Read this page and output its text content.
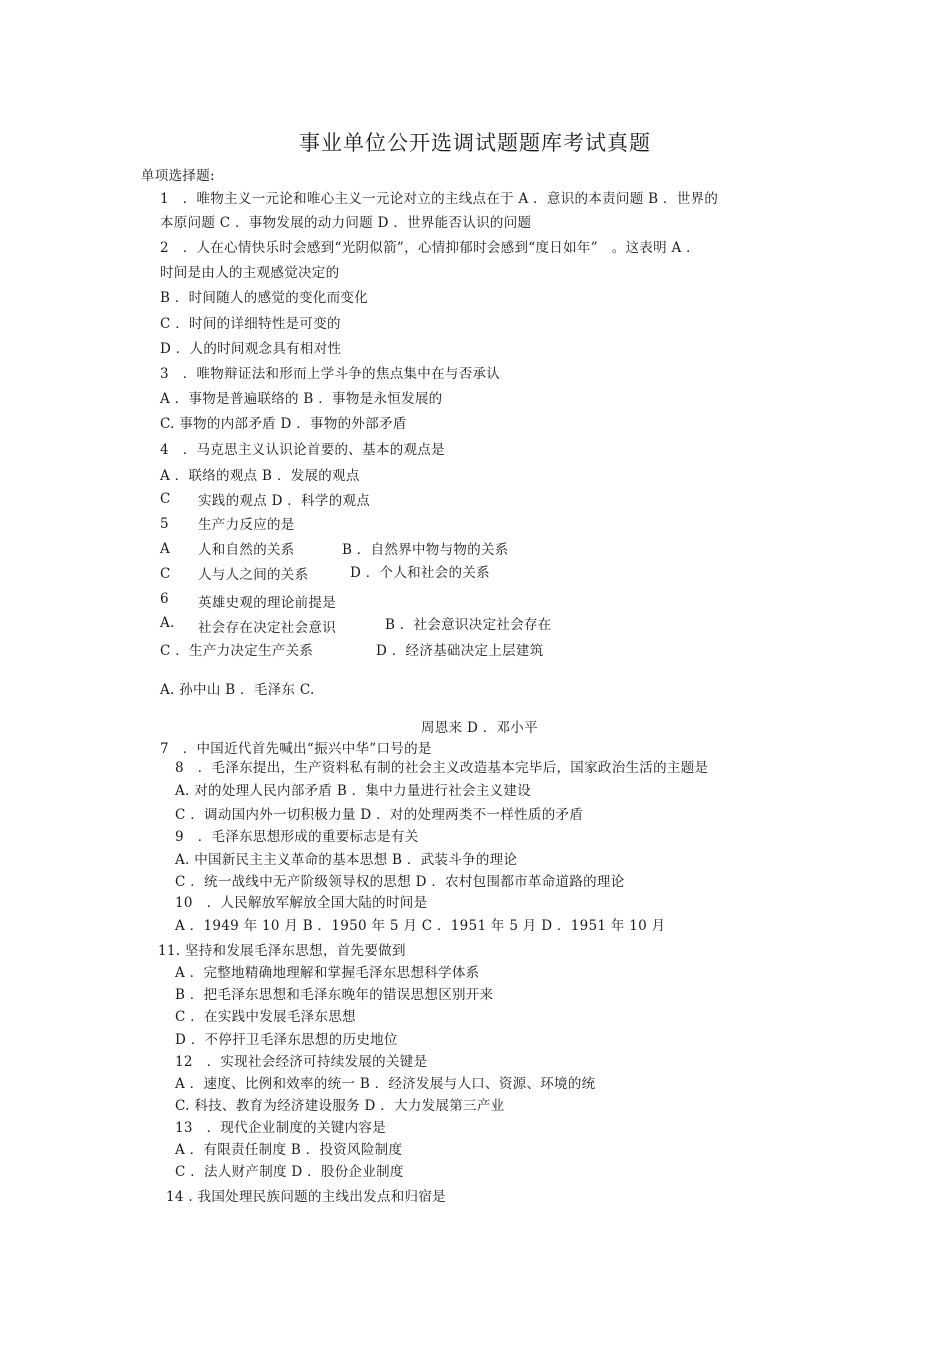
事业单位公开选调试题题库考试真题
单项选择题:
1　．唯物主义一元论和唯心主义一元论对立的主线点在于 A ．意识的本责问题 B ．世界的
本原问题 C ．事物发展的动力问题 D ．世界能否认识的问题
2　．人在心情快乐时会感到“光阴似箭”，心情抑郁时会感到“度日如年”　。这表明 A ．
时间是由人的主观感觉决定的
B ．时间随人的感觉的变化而变化
C ．时间的详细特性是可变的
D ．人的时间观念具有相对性
3　．唯物辩证法和形而上学斗争的焦点集中在与否承认
A ．事物是普遍联络的 B ．事物是永恒发展的
C. 事物的内部矛盾 D ．事物的外部矛盾
4　．马克思主义认识论首要的、基本的观点是
A ．联络的观点 B ．发展的观点
C 实践的观点 D ．科学的观点
5 生产力反应的是
A 人和自然的关系	B ．自然界中物与物的关系
C 人与人之间的关系	D ．个人和社会的关系
6 英雄史观的理论前提是
A. 社会存在决定社会意识	B ．社会意识决定社会存在
C ．生产力决定生产关系	D ．经济基础决定上层建筑
A. 孙中山 B ．毛泽东 C.
周恩来 D ．邓小平
7　．中国近代首先喊出“振兴中华”口号的是
8　．毛泽东提出，生产资料私有制的社会主义改造基本完毕后，国家政治生活的主题是
A. 对的处理人民内部矛盾 B ．集中力量进行社会主义建设
C ．调动国内外一切积极力量 D ．对的处理两类不一样性质的矛盾
9　．毛泽东思想形成的重要标志是有关
A. 中国新民主主义革命的基本思想 B ．武装斗争的理论
C ．统一战线中无产阶级领导权的思想 D ．农村包围都市革命道路的理论
10　．人民解放军解放全国大陆的时间是
A ．1949 年 10 月 B ．1950 年 5 月 C ．1951 年 5 月 D ．1951 年 10 月
11. 坚持和发展毛泽东思想，首先要做到
A ．完整地精确地理解和掌握毛泽东思想科学体系
B ．把毛泽东思想和毛泽东晚年的错误思想区别开来
C ．在实践中发展毛泽东思想
D ．不停扞卫毛泽东思想的历史地位
12　．实现社会经济可持续发展的关键是
A ．速度、比例和效率的统一 B ．经济发展与人口、资源、环境的统
C. 科技、教育为经济建设服务 D ．大力发展第三产业
13　．现代企业制度的关键内容是
A ．有限责任制度 B ．投资风险制度
C ．法人财产制度 D ．股份企业制度
14 . 我国处理民族问题的主线出发点和归宿是
